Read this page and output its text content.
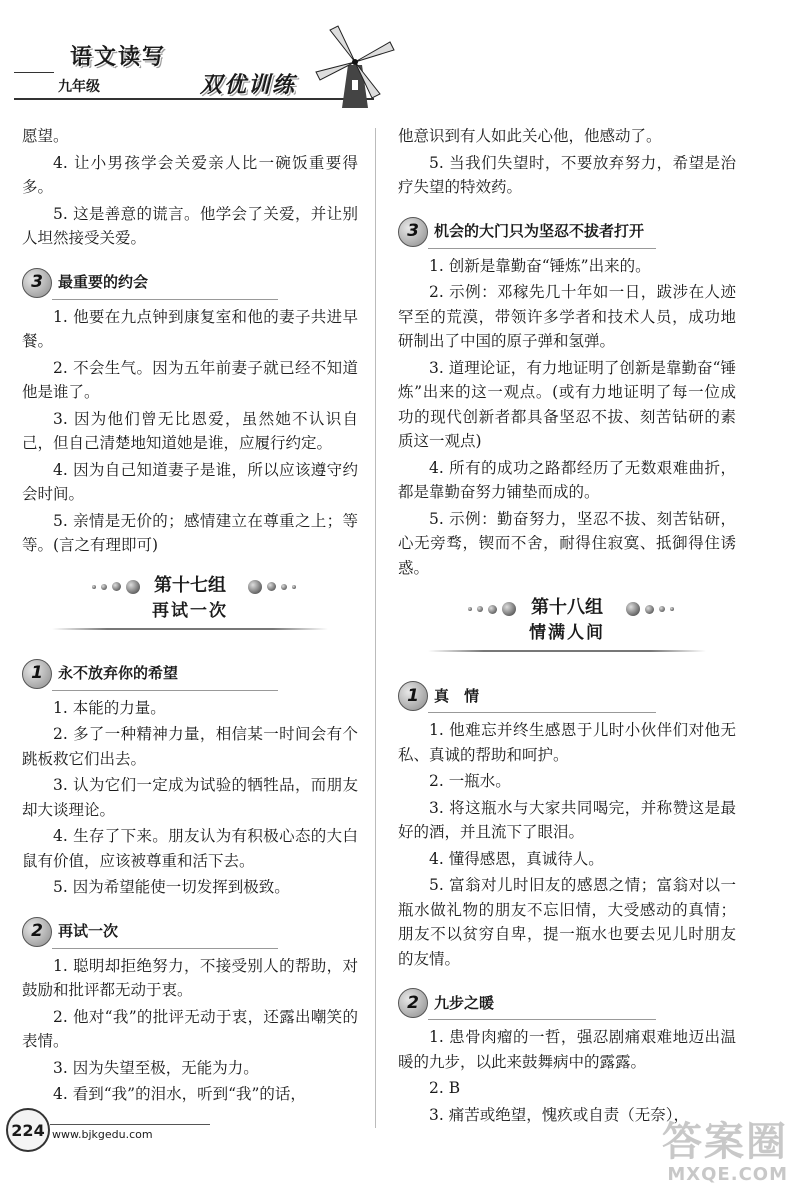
语文读写
九年级	双优训练

愿望。

4. 让小男孩学会关爱亲人比一碗饭重要得多。

5. 这是善意的谎言。他学会了关爱，并让别人坦然接受关爱。

3	最重要的约会

1. 他要在九点钟到康复室和他的妻子共进早餐。

2. 不会生气。因为五年前妻子就已经不知道他是谁了。

3. 因为他们曾无比恩爱，虽然她不认识自己，但自己清楚地知道她是谁，应履行约定。

4. 因为自己知道妻子是谁，所以应该遵守约会时间。

5. 亲情是无价的；感情建立在尊重之上；等等。(言之有理即可)

第十七组
再试一次
1	永不放弃你的希望

1. 本能的力量。

2. 多了一种精神力量，相信某一时间会有个跳板救它们出去。

3. 认为它们一定成为试验的牺牲品，而朋友却大谈理论。

4. 生存了下来。朋友认为有积极心态的大白鼠有价值，应该被尊重和活下去。

5. 因为希望能使一切发挥到极致。

2	再试一次

1. 聪明却拒绝努力，不接受别人的帮助，对鼓励和批评都无动于衷。

2. 他对“我”的批评无动于衷，还露出嘲笑的表情。

3. 因为失望至极，无能为力。

4. 看到“我”的泪水，听到“我”的话，

他意识到有人如此关心他，他感动了。

5. 当我们失望时，不要放弃努力，希望是治疗失望的特效药。

3	机会的大门只为坚忍不拔者打开

1. 创新是靠勤奋“锤炼”出来的。

2. 示例：邓稼先几十年如一日，跋涉在人迹罕至的荒漠，带领许多学者和技术人员，成功地研制出了中国的原子弹和氢弹。

3. 道理论证，有力地证明了创新是靠勤奋“锤炼”出来的这一观点。(或有力地证明了每一位成功的现代创新者都具备坚忍不拔、刻苦钻研的素质这一观点)

4. 所有的成功之路都经历了无数艰难曲折，都是靠勤奋努力铺垫而成的。

5. 示例：勤奋努力，坚忍不拔、刻苦钻研，心无旁骛，锲而不舍，耐得住寂寞、抵御得住诱惑。

第十八组
情满人间
1	真　情

1. 他难忘并终生感恩于儿时小伙伴们对他无私、真诚的帮助和呵护。

2. 一瓶水。

3. 将这瓶水与大家共同喝完，并称赞这是最好的酒，并且流下了眼泪。

4. 懂得感恩，真诚待人。

5. 富翁对儿时旧友的感恩之情；富翁对以一瓶水做礼物的朋友不忘旧情，大受感动的真情；朋友不以贫穷自卑，提一瓶水也要去见儿时朋友的友情。

2	九步之暖

1. 患骨肉瘤的一哲，强忍剧痛艰难地迈出温暖的九步，以此来鼓舞病中的露露。

2. B

3. 痛苦或绝望，愧疚或自责（无奈），

224 www.bjkgedu.com	答案圈
MXQE.COM
